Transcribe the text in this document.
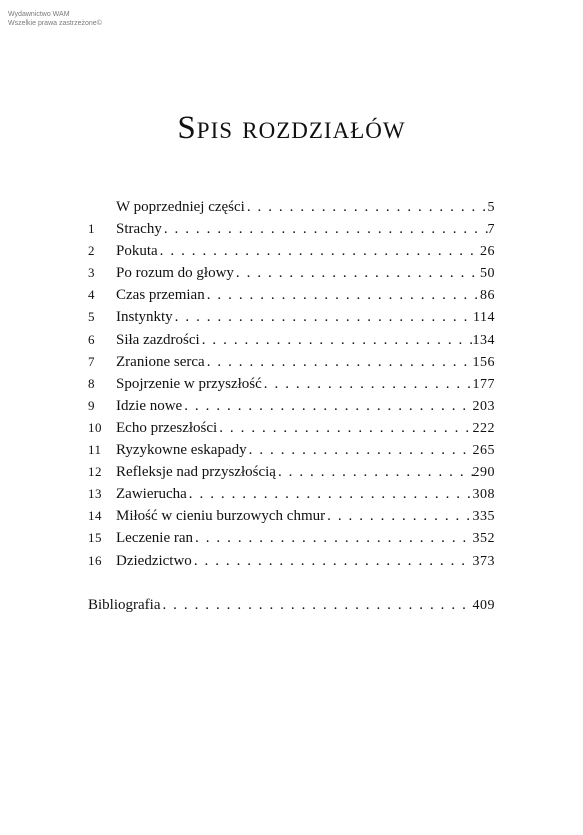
Wydawnictwo WAM
Wszelkie prawa zastrzeżone©
Spis rozdziałów
W poprzedniej części . . .	5
1	Strachy . . .	7
2	Pokuta . . .	26
3	Po rozum do głowy . . .	50
4	Czas przemian . . .	86
5	Instynkty . . .	114
6	Siła zazdrości . . .	134
7	Zranione serca . . .	156
8	Spojrzenie w przyszłość . . .	177
9	Idzie nowe . . .	203
10 Echo przeszłości . . .	222
11 Ryzykowne eskapady . . .	265
12 Refleksje nad przyszłością . . .	290
13 Zawierucha . . .	308
14 Miłość w cieniu burzowych chmur . . .	335
15 Leczenie ran . . .	352
16 Dziedzictwo . . .	373
Bibliografia . . .	409
